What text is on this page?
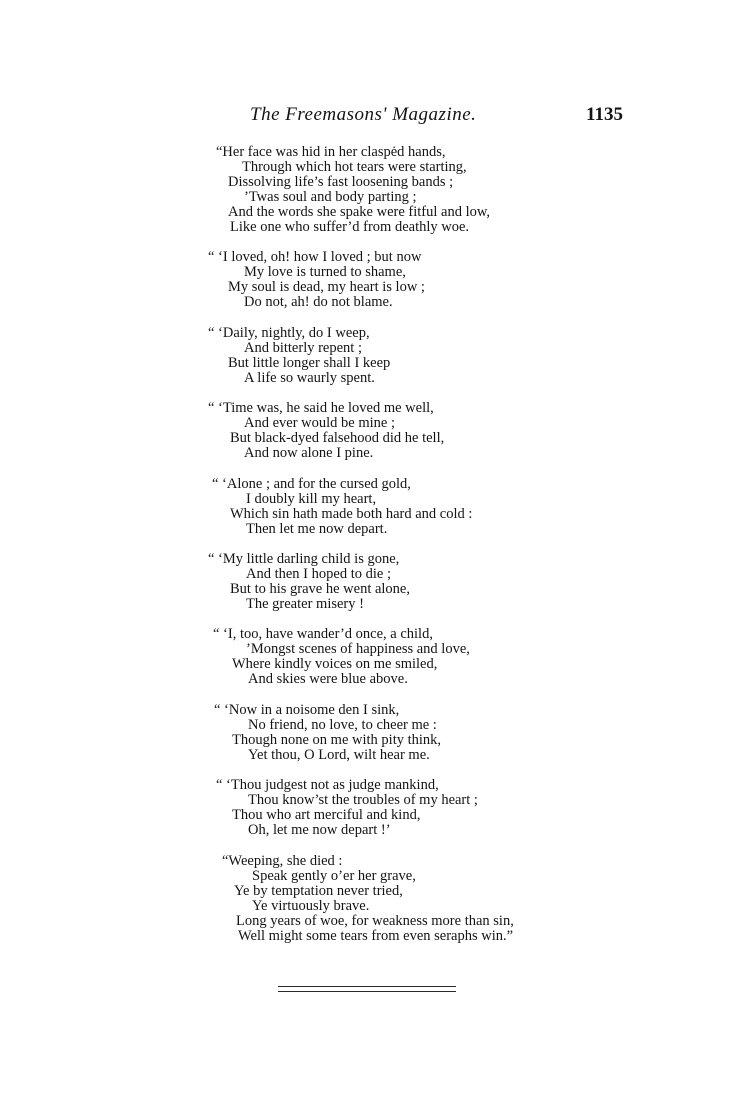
The Freemasons' Magazine.	1135
“Her face was hid in her claspėd hands,
Through which hot tears were starting,
Dissolving life’s fast loosening bands ;
’Twas soul and body parting ;
And the words she spake were fitful and low,
Like one who suffer’d from deathly woe.
“ ‘I loved, oh! how I loved ; but now
My love is turned to shame,
My soul is dead, my heart is low ;
Do not, ah! do not blame.
“ ‘Daily, nightly, do I weep,
And bitterly repent ;
But little longer shall I keep
A life so waurly spent.
“ ‘Time was, he said he loved me well,
And ever would be mine ;
But black-dyed falsehood did he tell,
And now alone I pine.
“ ‘Alone ; and for the cursed gold,
I doubly kill my heart,
Which sin hath made both hard and cold :
Then let me now depart.
“ ‘My little darling child is gone,
And then I hoped to die ;
But to his grave he went alone,
The greater misery !
“ ‘I, too, have wander’d once, a child,
’Mongst scenes of happiness and love,
Where kindly voices on me smiled,
And skies were blue above.
“ ‘Now in a noisome den I sink,
No friend, no love, to cheer me :
Though none on me with pity think,
Yet thou, O Lord, wilt hear me.
“ ‘Thou judgest not as judge mankind,
Thou know’st the troubles of my heart ;
Thou who art merciful and kind,
Oh, let me now depart !’
“Weeping, she died :
Speak gently o’er her grave,
Ye by temptation never tried,
Ye virtuously brave.
Long years of woe, for weakness more than sin,
Well might some tears from even seraphs win.”
